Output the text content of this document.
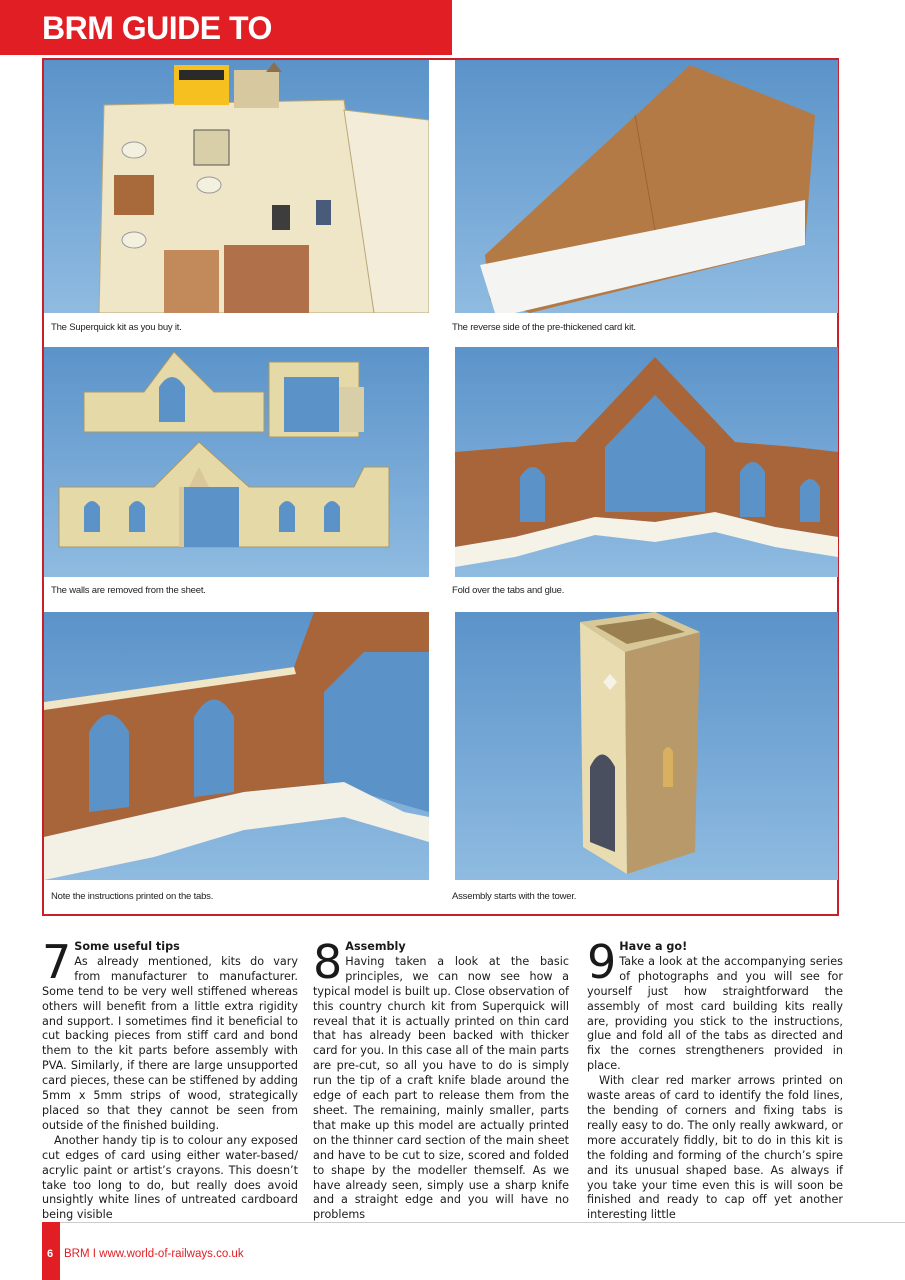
BRM GUIDE TO
The Superquick kit as you buy it.	The reverse side of the pre-thickened card kit.
The walls are removed from the sheet.	Fold over the tabs and glue.
Note the instructions printed on the tabs.	Assembly starts with the tower.
7 Some useful tips

As already mentioned, kits do vary from manufacturer to manufacturer. Some tend to be very well stiffened whereas others will benefit from a little extra rigidity and support. I sometimes find it beneficial to cut backing pieces from stiff card and bond them to the kit parts before assembly with PVA. Similarly, if there are large unsupported card pieces, these can be stiffened by adding 5mm x 5mm strips of wood, strategically placed so that they cannot be seen from outside of the finished building.

Another handy tip is to colour any exposed cut edges of card using either water-based/ acrylic paint or artist’s crayons. This doesn’t take too long to do, but really does avoid unsightly white lines of untreated cardboard being visible

8 Assembly

Having taken a look at the basic principles, we can now see how a typical model is built up. Close observation of this country church kit from Superquick will reveal that it is actually printed on thin card that has already been backed with thicker card for you. In this case all of the main parts are pre-cut, so all you have to do is simply run the tip of a craft knife blade around the edge of each part to release them from the sheet. The remaining, mainly smaller, parts that make up this model are actually printed on the thinner card section of the main sheet and have to be cut to size, scored and folded to shape by the modeller themself. As we have already seen, simply use a sharp knife and a straight edge and you will have no problems

9 Have a go!

Take a look at the accompanying series of photographs and you will see for yourself just how straightforward the assembly of most card building kits really are, providing you stick to the instructions, glue and fold all of the tabs as directed and fix the cornes strengtheners provided in place.

With clear red marker arrows printed on waste areas of card to identify the fold lines, the bending of corners and fixing tabs is really easy to do. The only really awkward, or more accurately fiddly, bit to do in this kit is the folding and forming of the church’s spire and its unusual shaped base. As always if you take your time even this is will soon be finished and ready to cap off yet another interesting little

6 BRM I www.world-of-railways.co.uk
